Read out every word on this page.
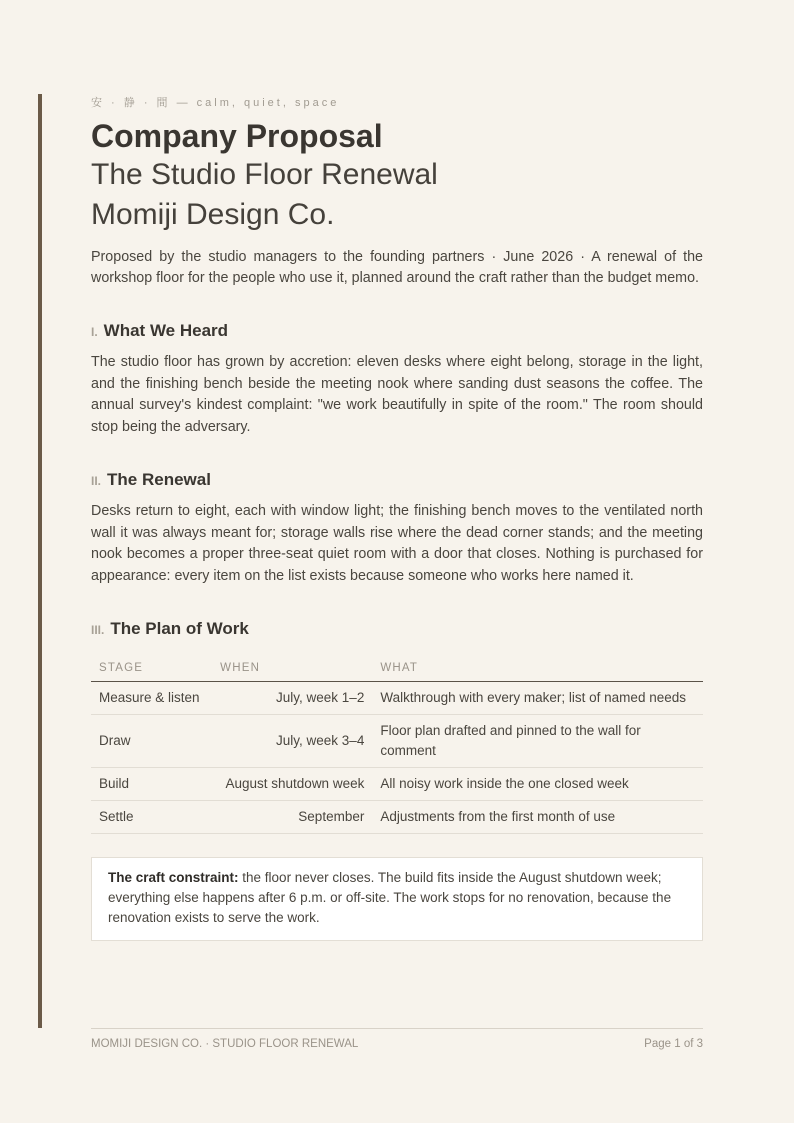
安 · 静 · 間 — calm, quiet, space

Company Proposal
The Studio Floor Renewal
Momiji Design Co.

Proposed by the studio managers to the founding partners · June 2026 · A renewal of the workshop floor for the people who use it, planned around the craft rather than the budget memo.

I. What We Heard

The studio floor has grown by accretion: eleven desks where eight belong, storage in the light, and the finishing bench beside the meeting nook where sanding dust seasons the coffee. The annual survey's kindest complaint: "we work beautifully in spite of the room." The room should stop being the adversary.

II. The Renewal

Desks return to eight, each with window light; the finishing bench moves to the ventilated north wall it was always meant for; storage walls rise where the dead corner stands; and the meeting nook becomes a proper three-seat quiet room with a door that closes. Nothing is purchased for appearance: every item on the list exists because someone who works here named it.

III. The Plan of Work
STAGE	WHEN	WHAT
Measure & listen	July, week 1–2	Walkthrough with every maker; list of named needs
Draw	July, week 3–4	Floor plan drafted and pinned to the wall for comment
Build	August shutdown week	All noisy work inside the one closed week
Settle	September	Adjustments from the first month of use
The craft constraint: the floor never closes. The build fits inside the August shutdown week; everything else happens after 6 p.m. or off-site. The work stops for no renovation, because the renovation exists to serve the work.
MOMIJI DESIGN CO. · STUDIO FLOOR RENEWAL	Page 1 of 3
